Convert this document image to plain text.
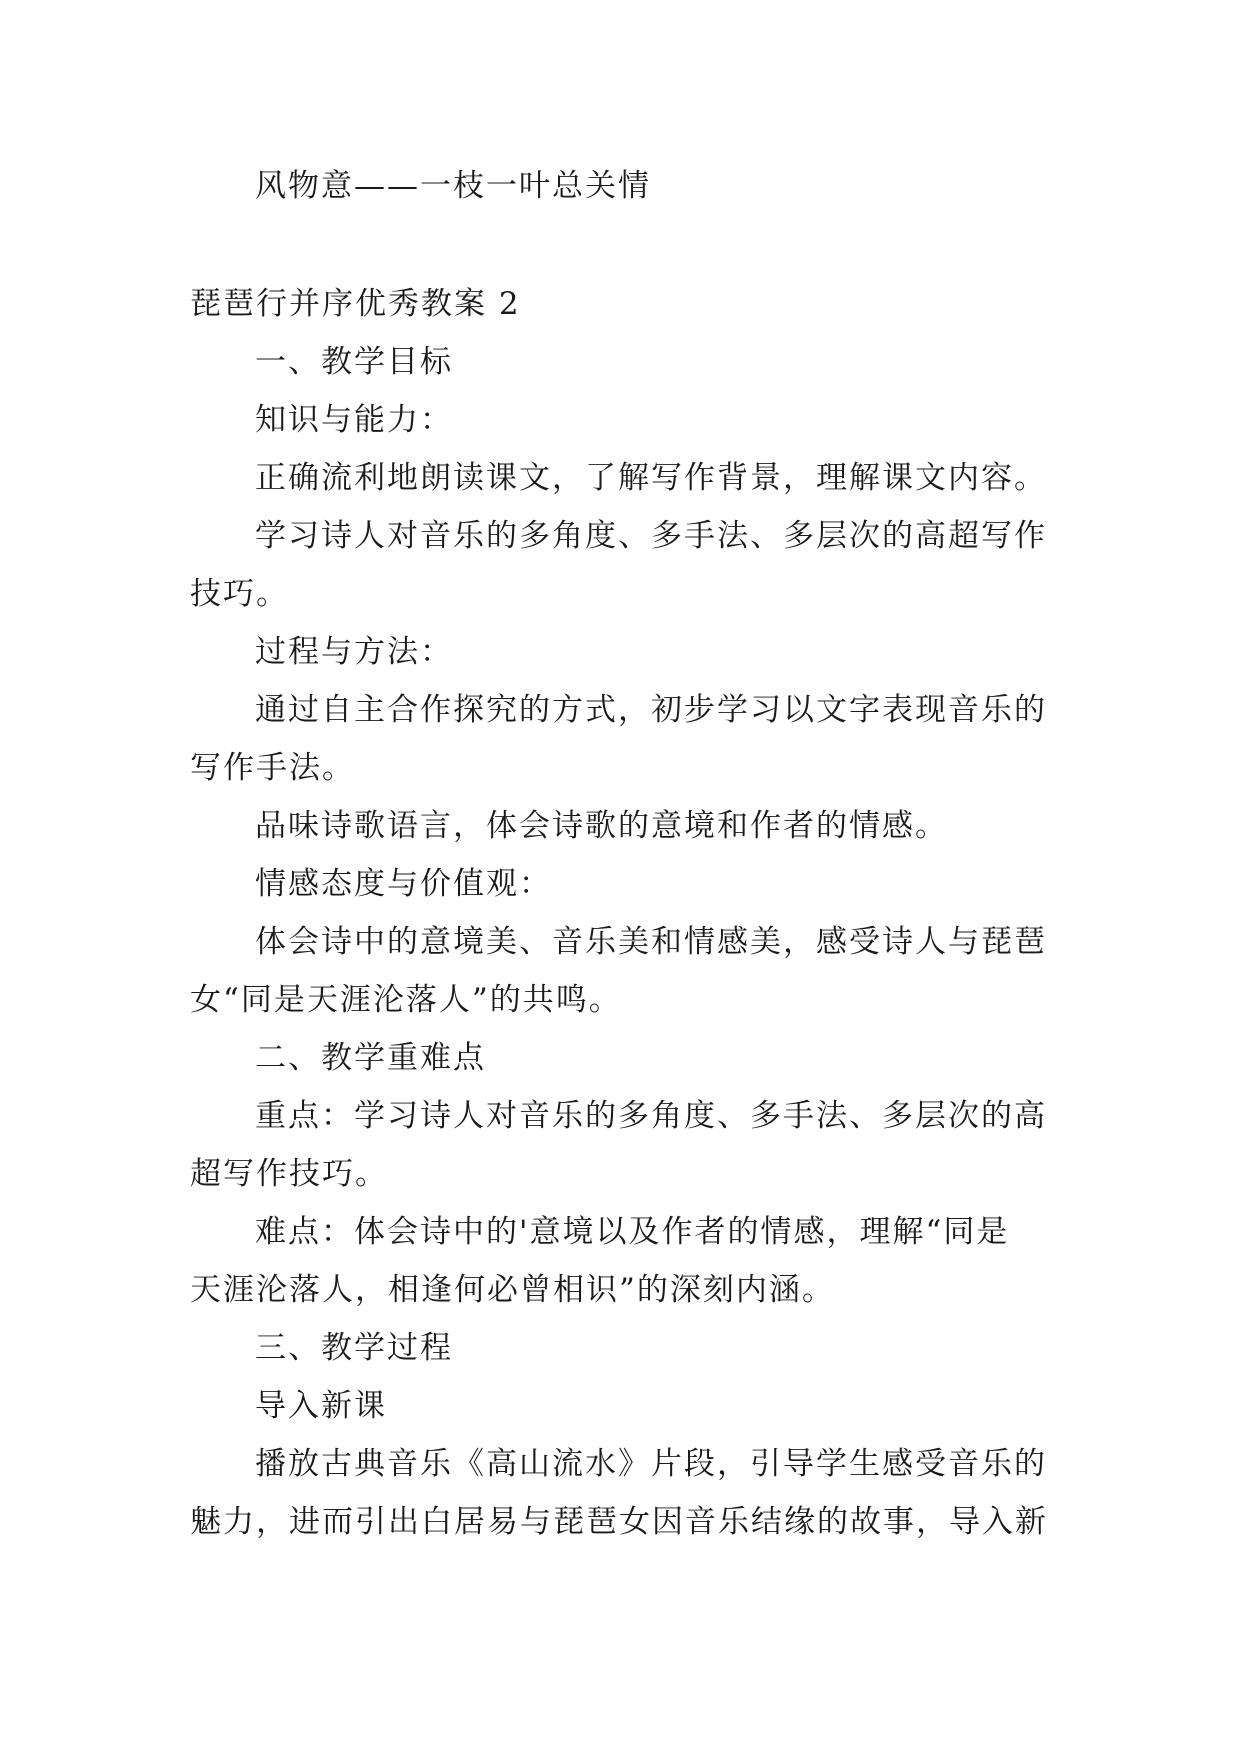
风物意——一枝一叶总关情
琵琶行并序优秀教案 2
一、教学目标
知识与能力：
正确流利地朗读课文，了解写作背景，理解课文内容。
学习诗人对音乐的多角度、多手法、多层次的高超写作
技巧。
过程与方法：
通过自主合作探究的方式，初步学习以文字表现音乐的
写作手法。
品味诗歌语言，体会诗歌的意境和作者的情感。
情感态度与价值观：
体会诗中的意境美、音乐美和情感美，感受诗人与琵琶
女“同是天涯沦落人”的共鸣。
二、教学重难点
重点：学习诗人对音乐的多角度、多手法、多层次的高
超写作技巧。
难点：体会诗中的'意境以及作者的情感，理解“同是
天涯沦落人，相逢何必曾相识”的深刻内涵。
三、教学过程
导入新课
播放古典音乐《高山流水》片段，引导学生感受音乐的
魅力，进而引出白居易与琵琶女因音乐结缘的故事，导入新
